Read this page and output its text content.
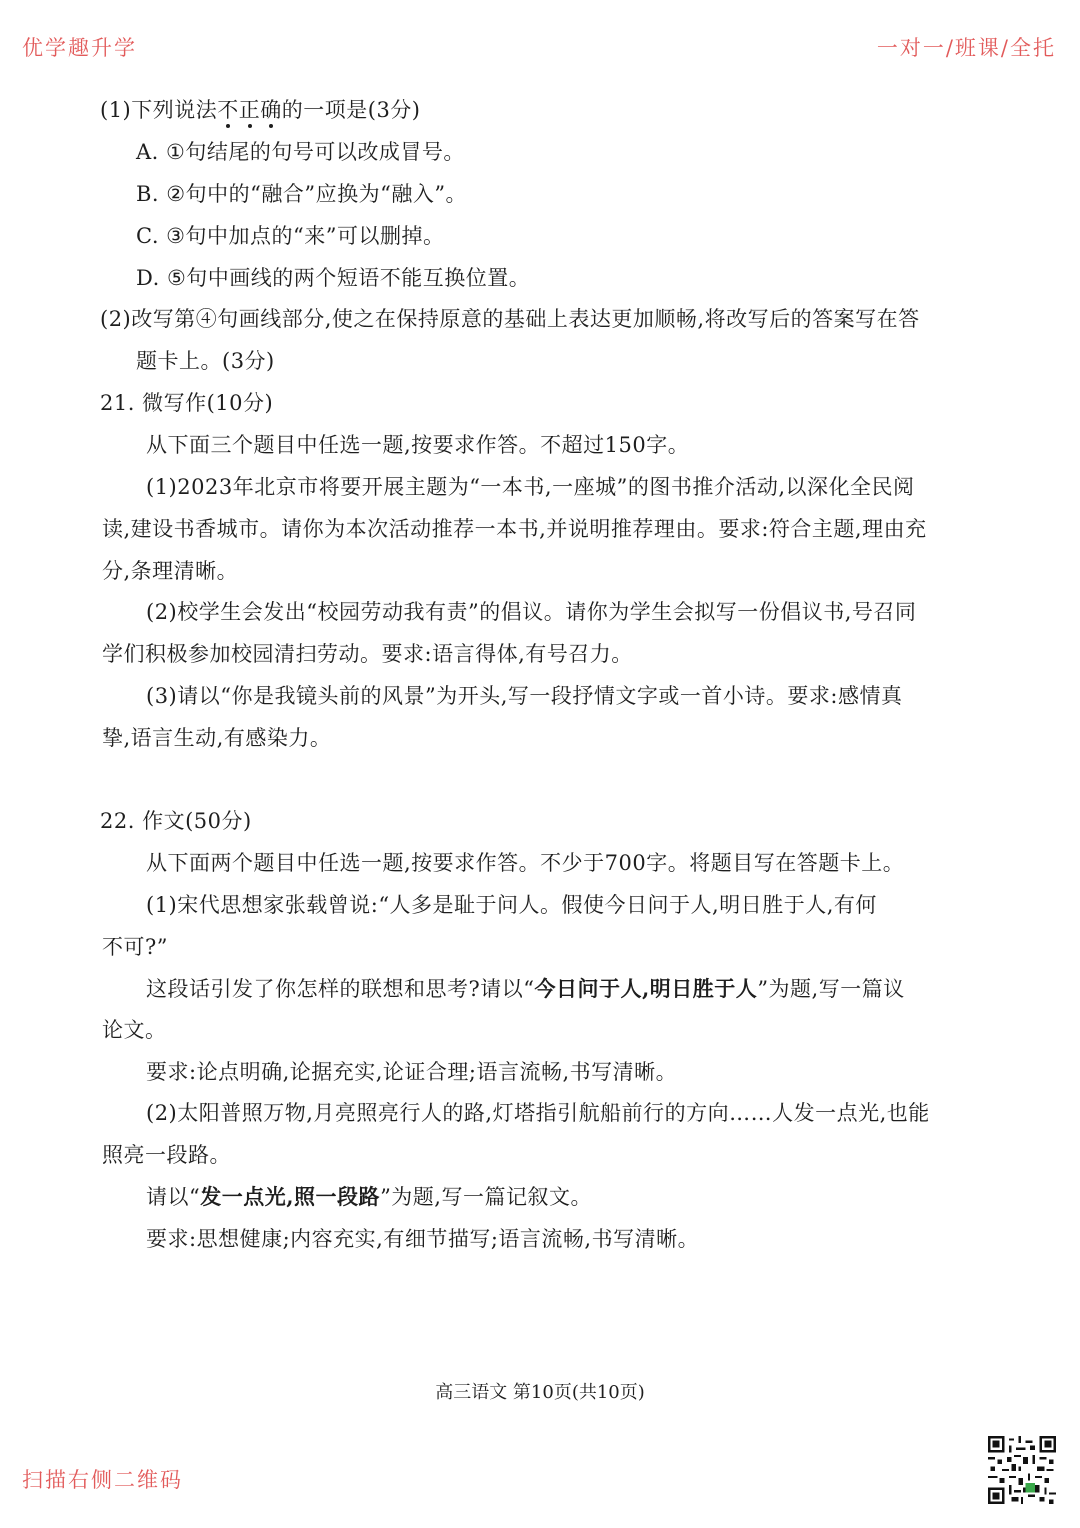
优学趣升学	一对一/班课/全托
扫描右侧二维码
(1)下列说法不
正
确
的一项是(3分)
A. ①句结尾的句号可以改成冒号。
B. ②句中的“融合”应换为“融入”。
C. ③句中加点的“来”可以删掉。
D. ⑤句中画线的两个短语不能互换位置。
(2)改写第④句画线部分,使之在保持原意的基础上表达更加顺畅,将改写后的答案写在答
题卡上。(3分)
21. 微写作(10分)
从下面三个题目中任选一题,按要求作答。不超过150字。
(1)2023年北京市将要开展主题为“一本书,一座城”的图书推介活动,以深化全民阅
读,建设书香城市。请你为本次活动推荐一本书,并说明推荐理由。要求:符合主题,理由充
分,条理清晰。
(2)校学生会发出“校园劳动我有责”的倡议。请你为学生会拟写一份倡议书,号召同
学们积极参加校园清扫劳动。要求:语言得体,有号召力。
(3)请以“你是我镜头前的风景”为开头,写一段抒情文字或一首小诗。要求:感情真
挚,语言生动,有感染力。
22. 作文(50分)
从下面两个题目中任选一题,按要求作答。不少于700字。将题目写在答题卡上。
(1)宋代思想家张载曾说:“人多是耻于问人。假使今日问于人,明日胜于人,有何
不可?”
这段话引发了你怎样的联想和思考?请以“今日问于人,明日胜于人”为题,写一篇议
论文。
要求:论点明确,论据充实,论证合理;语言流畅,书写清晰。
(2)太阳普照万物,月亮照亮行人的路,灯塔指引航船前行的方向……人发一点光,也能
照亮一段路。
请以“发一点光,照一段路”为题,写一篇记叙文。
要求:思想健康;内容充实,有细节描写;语言流畅,书写清晰。
高三语文 第10页(共10页)
